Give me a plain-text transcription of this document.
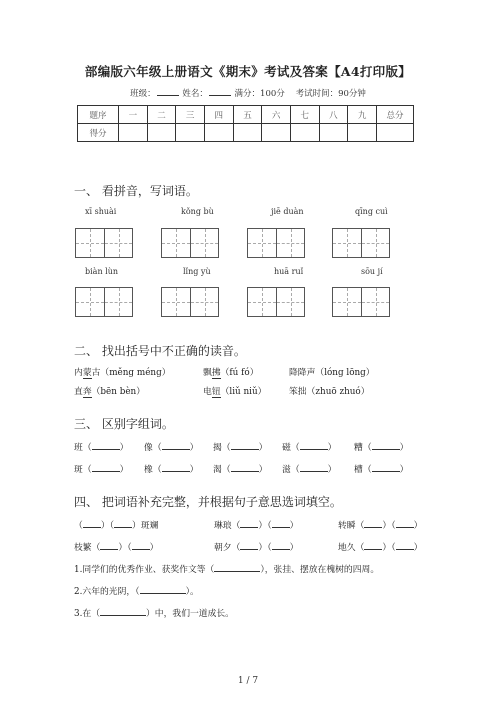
部编版六年级上册语文《期末》考试及答案【A4打印版】
班级：	姓名：	满分：100分 考试时间：90分钟
题序	一	二	三	四	五	六	七	八	九	总分
得分										
一、 看拼音，写词语。
xī shuài	kǒng bù	jiē duàn	qīng cuì
biàn lùn	lǐng yù	huā ruǐ	sōu jí
二、 找出括号中不正确的读音。
内蒙古（měng méng）	飘拂（fú fó）	降降声（lóng lōng）
直奔（bēn bèn）	电钮（liǔ niǔ）	笨拙（zhuō zhuó）
三、 区别字组词。
班（	） 像（	） 揭（	） 磁（	） 糟（	）
斑（	） 橡（	） 渴（	） 滋（	） 槽（	）
四、 把词语补充完整，并根据句子意思选词填空。
（ ）（ ）斑斓	琳琅（ ）（ ）	转瞬（ ）（ ）
枝繁（ ）（ ）	朝夕（ ）（ ）	地久（ ）（ ）
1.同学们的优秀作业、获奖作文等（	），张挂、摆放在槐树的四周。
2.六年的光阴，（	）。
3.在（	）中，我们一道成长。
1 / 7
